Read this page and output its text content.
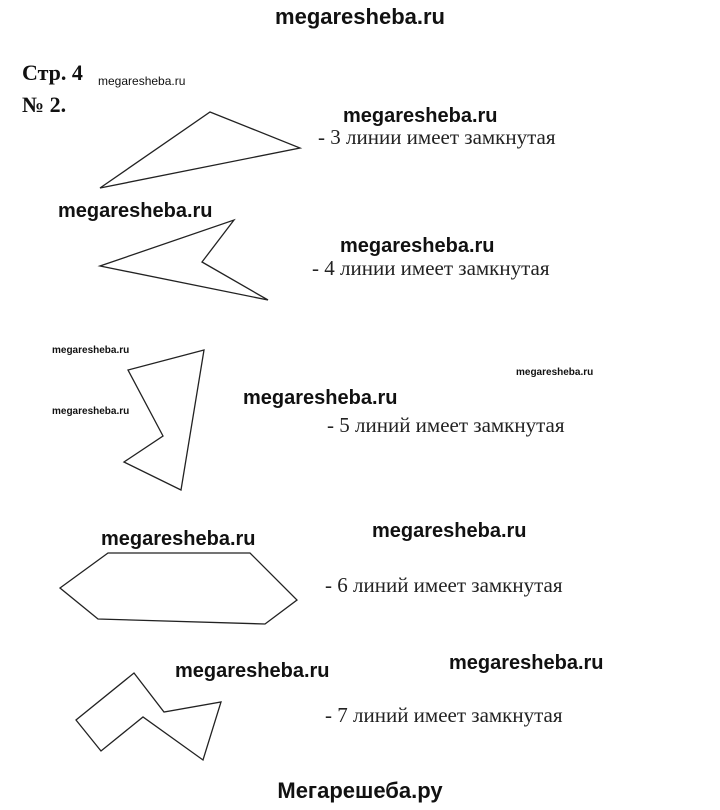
megaresheba.ru
Стр. 4 megaresheba.ru
№ 2.
- 3 линии имеет замкнутая
- 4 линии имеет замкнутая
- 5 линий имеет замкнутая
- 6 линий имеет замкнутая
- 7 линий имеет замкнутая
megaresheba.ru
megaresheba.ru
megaresheba.ru
megaresheba.ru
megaresheba.ru
megaresheba.ru
megaresheba.ru
megaresheba.ru
megaresheba.ru
megaresheba.ru
megaresheba.ru
Мегарешеба.ру
